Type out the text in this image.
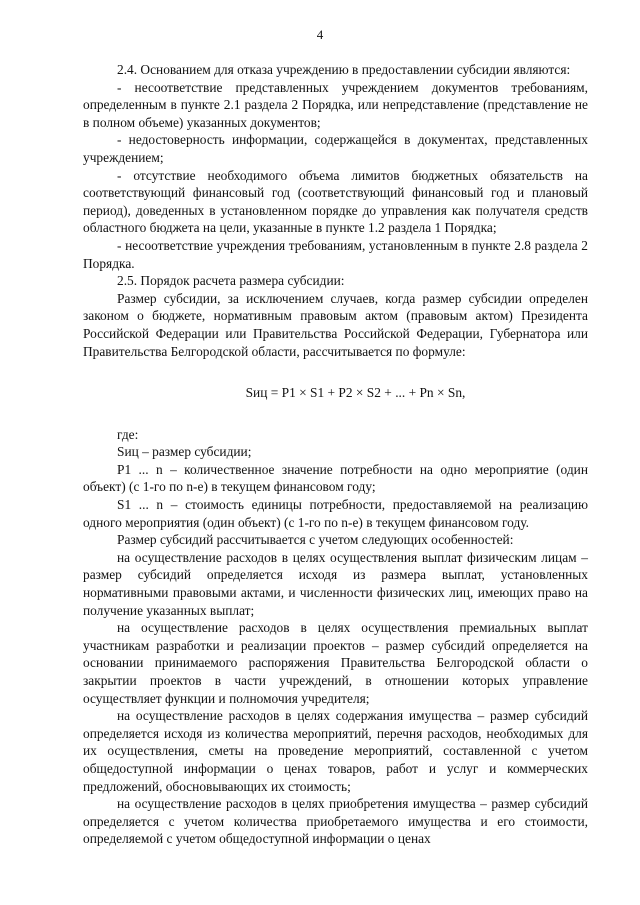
4

2.4. Основанием для отказа учреждению в предоставлении субсидии являются:

- несоответствие представленных учреждением документов требованиям, определенным в пункте 2.1 раздела 2 Порядка, или непредставление (представление не в полном объеме) указанных документов;

- недостоверность информации, содержащейся в документах, представленных учреждением;

- отсутствие необходимого объема лимитов бюджетных обязательств на соответствующий финансовый год (соответствующий финансовый год и плановый период), доведенных в установленном порядке до управления как получателя средств областного бюджета на цели, указанные в пункте 1.2 раздела 1 Порядка;

- несоответствие учреждения требованиям, установленным в пункте 2.8 раздела 2 Порядка.

2.5. Порядок расчета размера субсидии:

Размер субсидии, за исключением случаев, когда размер субсидии определен законом о бюджете, нормативным правовым актом (правовым актом) Президента Российской Федерации или Правительства Российской Федерации, Губернатора или Правительства Белгородской области, рассчитывается по формуле:

Sиц = P1 × S1 + P2 × S2 + ... + Pn × Sn,

где:

Sиц – размер субсидии;

P1 ... n – количественное значение потребности на одно мероприятие (один объект) (с 1-го по n-е) в текущем финансовом году;

S1 ... n – стоимость единицы потребности, предоставляемой на реализацию одного мероприятия (один объект) (с 1-го по n-е) в текущем финансовом году.

Размер субсидий рассчитывается с учетом следующих особенностей:

на осуществление расходов в целях осуществления выплат физическим лицам – размер субсидий определяется исходя из размера выплат, установленных нормативными правовыми актами, и численности физических лиц, имеющих право на получение указанных выплат;

на осуществление расходов в целях осуществления премиальных выплат участникам разработки и реализации проектов – размер субсидий определяется на основании принимаемого распоряжения Правительства Белгородской области о закрытии проектов в части учреждений, в отношении которых управление осуществляет функции и полномочия учредителя;

на осуществление расходов в целях содержания имущества – размер субсидий определяется исходя из количества мероприятий, перечня расходов, необходимых для их осуществления, сметы на проведение мероприятий, составленной с учетом общедоступной информации о ценах товаров, работ и услуг и коммерческих предложений, обосновывающих их стоимость;

на осуществление расходов в целях приобретения имущества – размер субсидий определяется с учетом количества приобретаемого имущества и его стоимости, определяемой с учетом общедоступной информации о ценах
